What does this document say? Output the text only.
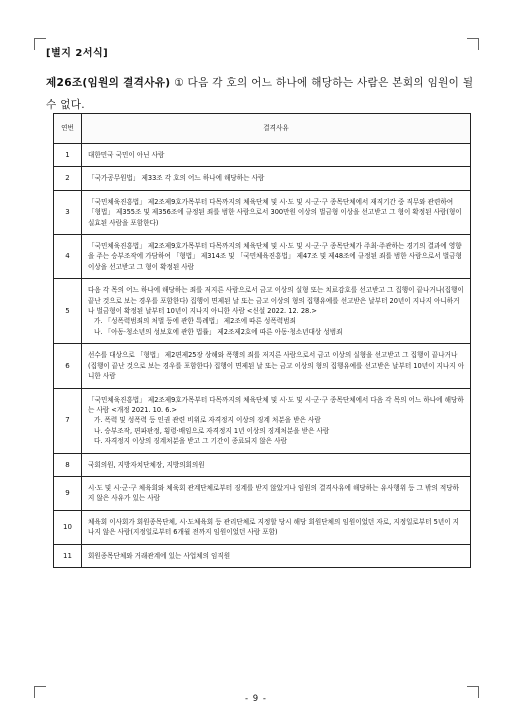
[별지 2서식]
제26조(임원의 결격사유) ① 다음 각 호의 어느 하나에 해당하는 사람은 본회의 임원이 될 수 없다.
연번	결격사유
1	대한민국 국민이 아닌 사람
2	「국가공무원법」 제33조 각 호의 어느 하나에 해당하는 사람
3	「국민체육진흥법」 제2조제9호가목부터 다목까지의 체육단체 및 시·도 및 시·군·구 종목단체에서 재직기간 중 직무와 관련하여 「형법」 제355조 및 제356조에 규정된 죄를 범한 사람으로서 300만원 이상의 벌금형 이상을 선고받고 그 형이 확정된 사람(형이 실효된 사람을 포함한다)
4	「국민체육진흥법」 제2조제9호가목부터 다목까지의 체육단체 및 시·도 및 시·군·구 종목단체가 주최·주관하는 경기의 결과에 영향을 주는 승부조작에 가담하여 「형법」 제314조 및 「국민체육진흥법」 제47조 및 제48조에 규정된 죄를 범한 사람으로서 벌금형 이상을 선고받고 그 형이 확정된 사람
5	다음 각 목의 어느 하나에 해당하는 죄를 저지른 사람으로서 금고 이상의 실형 또는 치료감호를 선고받고 그 집행이 끝나거나(집행이 끝난 것으로 보는 경우를 포함한다) 집행이 면제된 날 또는 금고 이상의 형의 집행유예를 선고받은 날부터 20년이 지나지 아니하거나 벌금형이 확정된 날부터 10년이 지나지 아니한 사람 <신설 2022. 12. 28.>
가. 「성폭력범죄의 처벌 등에 관한 특례법」 제2조에 따른 성폭력범죄
나. 「아동·청소년의 성보호에 관한 법률」 제2조제2호에 따른 아동·청소년대상 성범죄

6	선수를 대상으로 「형법」 제2편제25장 상해와 폭행의 죄를 저지른 사람으로서 금고 이상의 실형을 선고받고 그 집행이 끝나거나(집행이 끝난 것으로 보는 경우를 포함한다) 집행이 면제된 날 또는 금고 이상의 형의 집행유예를 선고받은 날부터 10년이 지나지 아니한 사람
7	「국민체육진흥법」 제2조제9호가목부터 다목까지의 체육단체 및 시·도 및 시·군·구 종목단체에서 다음 각 목의 어느 하나에 해당하는 사람 <개정 2021. 10. 6.>
가. 폭력 및 성폭력 등 인권 관련 비위로 자격정지 이상의 징계 처분을 받은 사람
나. 승부조작, 편파판정, 횡령·배임으로 자격정지 1년 이상의 징계처분을 받은 사람
다. 자격정지 이상의 징계처분을 받고 그 기간이 종료되지 않은 사람

8	국회의원, 지방자치단체장, 지방의회의원
9	시·도 및 시·군·구 체육회와 체육회 관계단체로부터 징계를 받지 않았거나 임원의 결격사유에 해당하는 유사행위 등 그 밖의 적당하지 않은 사유가 있는 사람
10	체육회 이사회가 회원종목단체, 시·도체육회 등 관리단체로 지정할 당시 해당 회원단체의 임원이었던 자로, 지정일로부터 5년이 지나지 않은 사람(지정일로부터 6개월 전까지 임원이었던 사람 포함)
11	회원종목단체와 거래관계에 있는 사업체의 임직원
- 9 -
